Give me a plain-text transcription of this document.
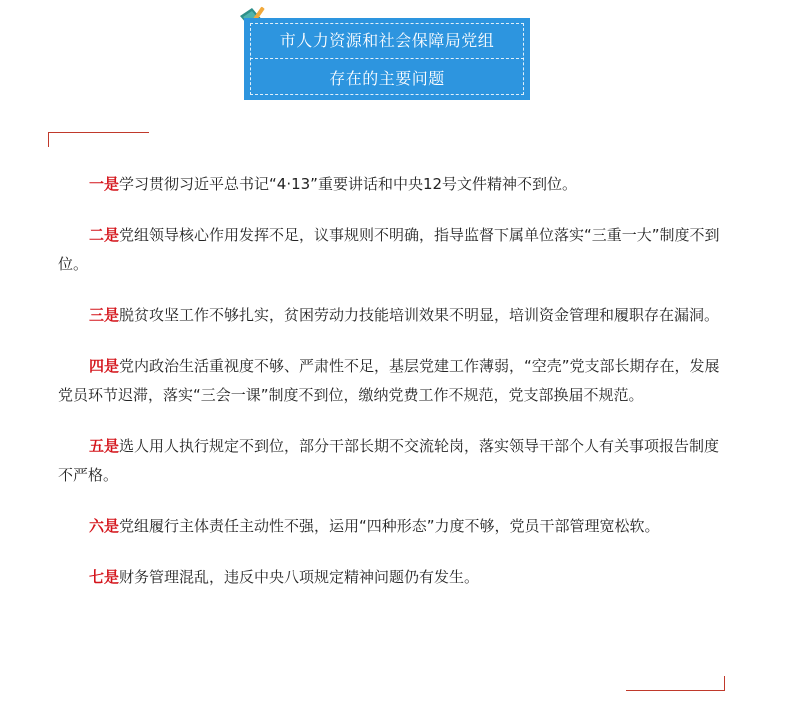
市人力资源和社会保障局党组
存在的主要问题

一是学习贯彻习近平总书记“4·13”重要讲话和中央12号文件精神不到位。

二是党组领导核心作用发挥不足，议事规则不明确，指导监督下属单位落实“三重一大”制度不到位。

三是脱贫攻坚工作不够扎实，贫困劳动力技能培训效果不明显，培训资金管理和履职存在漏洞。

四是党内政治生活重视度不够、严肃性不足，基层党建工作薄弱，“空壳”党支部长期存在，发展党员环节迟滞，落实“三会一课”制度不到位，缴纳党费工作不规范，党支部换届不规范。

五是选人用人执行规定不到位，部分干部长期不交流轮岗，落实领导干部个人有关事项报告制度不严格。

六是党组履行主体责任主动性不强，运用“四种形态”力度不够，党员干部管理宽松软。

七是财务管理混乱，违反中央八项规定精神问题仍有发生。
